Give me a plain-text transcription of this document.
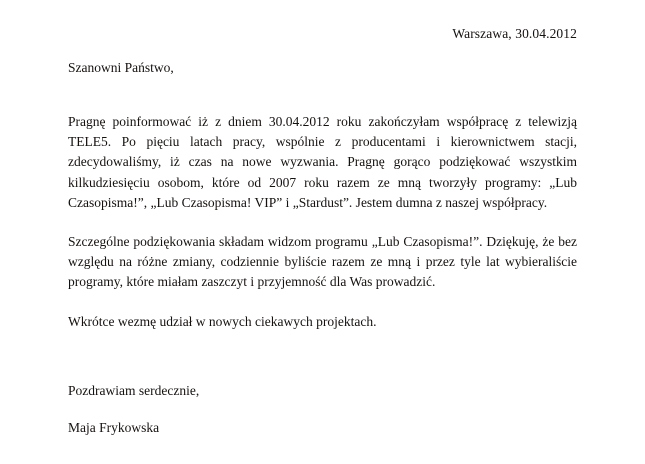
Warszawa, 30.04.2012
Szanowni Państwo,

Pragnę poinformować iż z dniem 30.04.2012 roku zakończyłam współpracę z telewizją TELE5. Po pięciu latach pracy, wspólnie z producentami i kierownictwem stacji, zdecydowaliśmy, iż czas na nowe wyzwania. Pragnę gorąco podziękować wszystkim kilkudziesięciu osobom, które od 2007 roku razem ze mną tworzyły programy: „Lub Czasopisma!”, „Lub Czasopisma! VIP” i „Stardust”. Jestem dumna z naszej współpracy.

Szczególne podziękowania składam widzom programu „Lub Czasopisma!”. Dziękuję, że bez względu na różne zmiany, codziennie byliście razem ze mną i przez tyle lat wybieraliście programy, które miałam zaszczyt i przyjemność dla Was prowadzić.

Wkrótce wezmę udział w nowych ciekawych projektach.

Pozdrawiam serdecznie,
Maja Frykowska
